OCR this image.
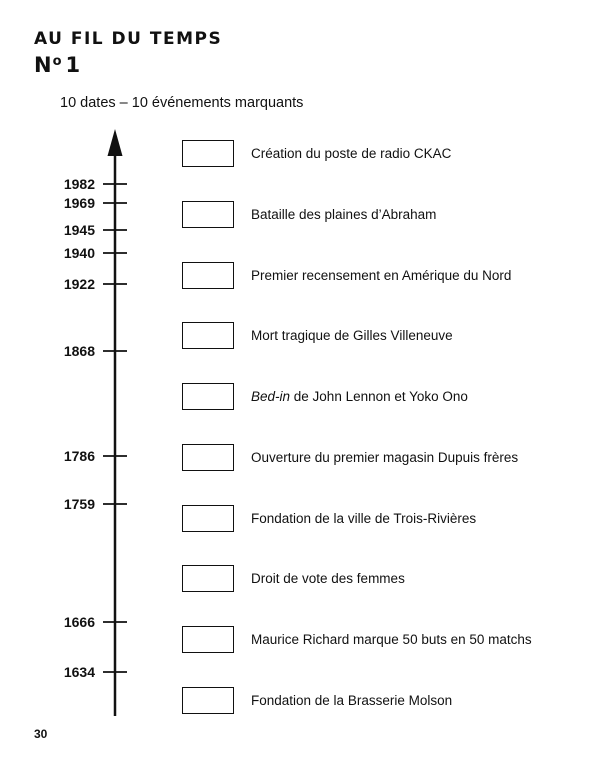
AU FIL DU TEMPS
$N^o$ 1
10 dates – 10 événements marquants
1982
1969
1945
1940
1922
1868
1786
1759
1666
1634
Création du poste de radio CKAC
Bataille des plaines d’Abraham
Premier recensement en Amérique du Nord
Mort tragique de Gilles Villeneuve
Bed-in de John Lennon et Yoko Ono
Ouverture du premier magasin Dupuis frères
Fondation de la ville de Trois-Rivières
Droit de vote des femmes
Maurice Richard marque 50 buts en 50 matchs
Fondation de la Brasserie Molson
30
